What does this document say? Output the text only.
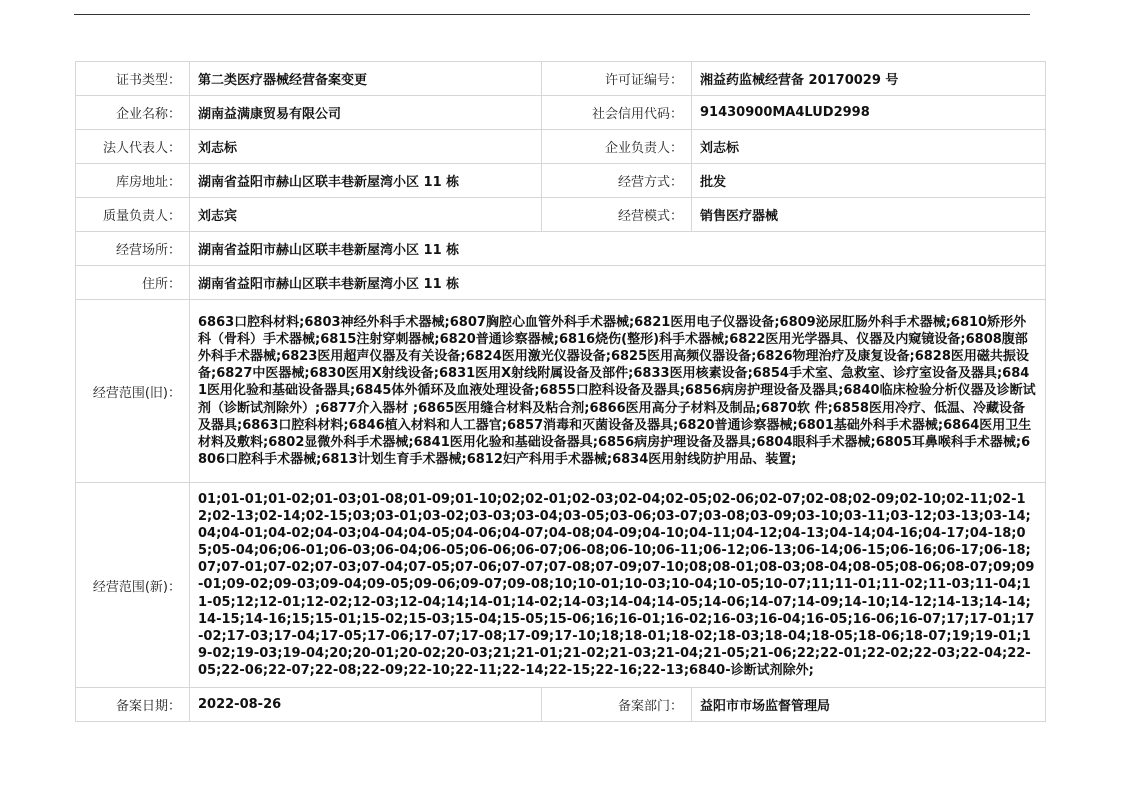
证书类型：	第二类医疗器械经营备案变更	许可证编号：	湘益药监械经营备 20170029 号
企业名称：	湖南益满康贸易有限公司	社会信用代码：	91430900MA4LUD2998
法人代表人：	刘志标	企业负责人：	刘志标
库房地址：	湖南省益阳市赫山区联丰巷新屋湾小区 11 栋	经营方式：	批发
质量负责人：	刘志宾	经营模式：	销售医疗器械
经营场所：	湖南省益阳市赫山区联丰巷新屋湾小区 11 栋		
住所：	湖南省益阳市赫山区联丰巷新屋湾小区 11 栋		
经营范围(旧)：	6863口腔科材料;6803神经外科手术器械;6807胸腔心血管外科手术器械;6821医用电子仪器设备;6809泌尿肛肠外科手术器械;6810矫形外科（骨科）手术器械;6815注射穿刺器械;6820普通诊察器械;6816烧伤(整形)科手术器械;6822医用光学器具、仪器及内窥镜设备;6808腹部外科手术器械;6823医用超声仪器及有关设备;6824医用激光仪器设备;6825医用高频仪器设备;6826物理治疗及康复设备;6828医用磁共振设备;6827中医器械;6830医用X射线设备;6831医用X射线附属设备及部件;6833医用核素设备;6854手术室、急救室、诊疗室设备及器具;6841医用化验和基础设备器具;6845体外循环及血液处理设备;6855口腔科设备及器具;6856病房护理设备及器具;6840临床检验分析仪器及诊断试剂（诊断试剂除外）;6877介入器材 ;6865医用缝合材料及粘合剂;6866医用高分子材料及制品;6870软 件;6858医用冷疗、低温、冷藏设备及器具;6863口腔科材料;6846植入材料和人工器官;6857消毒和灭菌设备及器具;6820普通诊察器械;6801基础外科手术器械;6864医用卫生材料及敷料;6802显微外科手术器械;6841医用化验和基础设备器具;6856病房护理设备及器具;6804眼科手术器械;6805耳鼻喉科手术器械;6806口腔科手术器械;6813计划生育手术器械;6812妇产科用手术器械;6834医用射线防护用品、装置;		
经营范围(新)：	01;01-01;01-02;01-03;01-08;01-09;01-10;02;02-01;02-03;02-04;02-05;02-06;02-07;02-08;02-09;02-10;02-11;02-12;02-13;02-14;02-15;03;03-01;03-02;03-03;03-04;03-05;03-06;03-07;03-08;03-09;03-10;03-11;03-12;03-13;03-14;04;04-01;04-02;04-03;04-04;04-05;04-06;04-07;04-08;04-09;04-10;04-11;04-12;04-13;04-14;04-16;04-17;04-18;05;05-04;06;06-01;06-03;06-04;06-05;06-06;06-07;06-08;06-10;06-11;06-12;06-13;06-14;06-15;06-16;06-17;06-18;07;07-01;07-02;07-03;07-04;07-05;07-06;07-07;07-08;07-09;07-10;08;08-01;08-03;08-04;08-05;08-06;08-07;09;09-01;09-02;09-03;09-04;09-05;09-06;09-07;09-08;10;10-01;10-03;10-04;10-05;10-07;11;11-01;11-02;11-03;11-04;11-05;12;12-01;12-02;12-03;12-04;14;14-01;14-02;14-03;14-04;14-05;14-06;14-07;14-09;14-10;14-12;14-13;14-14;14-15;14-16;15;15-01;15-02;15-03;15-04;15-05;15-06;16;16-01;16-02;16-03;16-04;16-05;16-06;16-07;17;17-01;17-02;17-03;17-04;17-05;17-06;17-07;17-08;17-09;17-10;18;18-01;18-02;18-03;18-04;18-05;18-06;18-07;19;19-01;19-02;19-03;19-04;20;20-01;20-02;20-03;21;21-01;21-02;21-03;21-04;21-05;21-06;22;22-01;22-02;22-03;22-04;22-05;22-06;22-07;22-08;22-09;22-10;22-11;22-14;22-15;22-16;22-13;6840-诊断试剂除外;		
备案日期：	2022-08-26	备案部门：	益阳市市场监督管理局
